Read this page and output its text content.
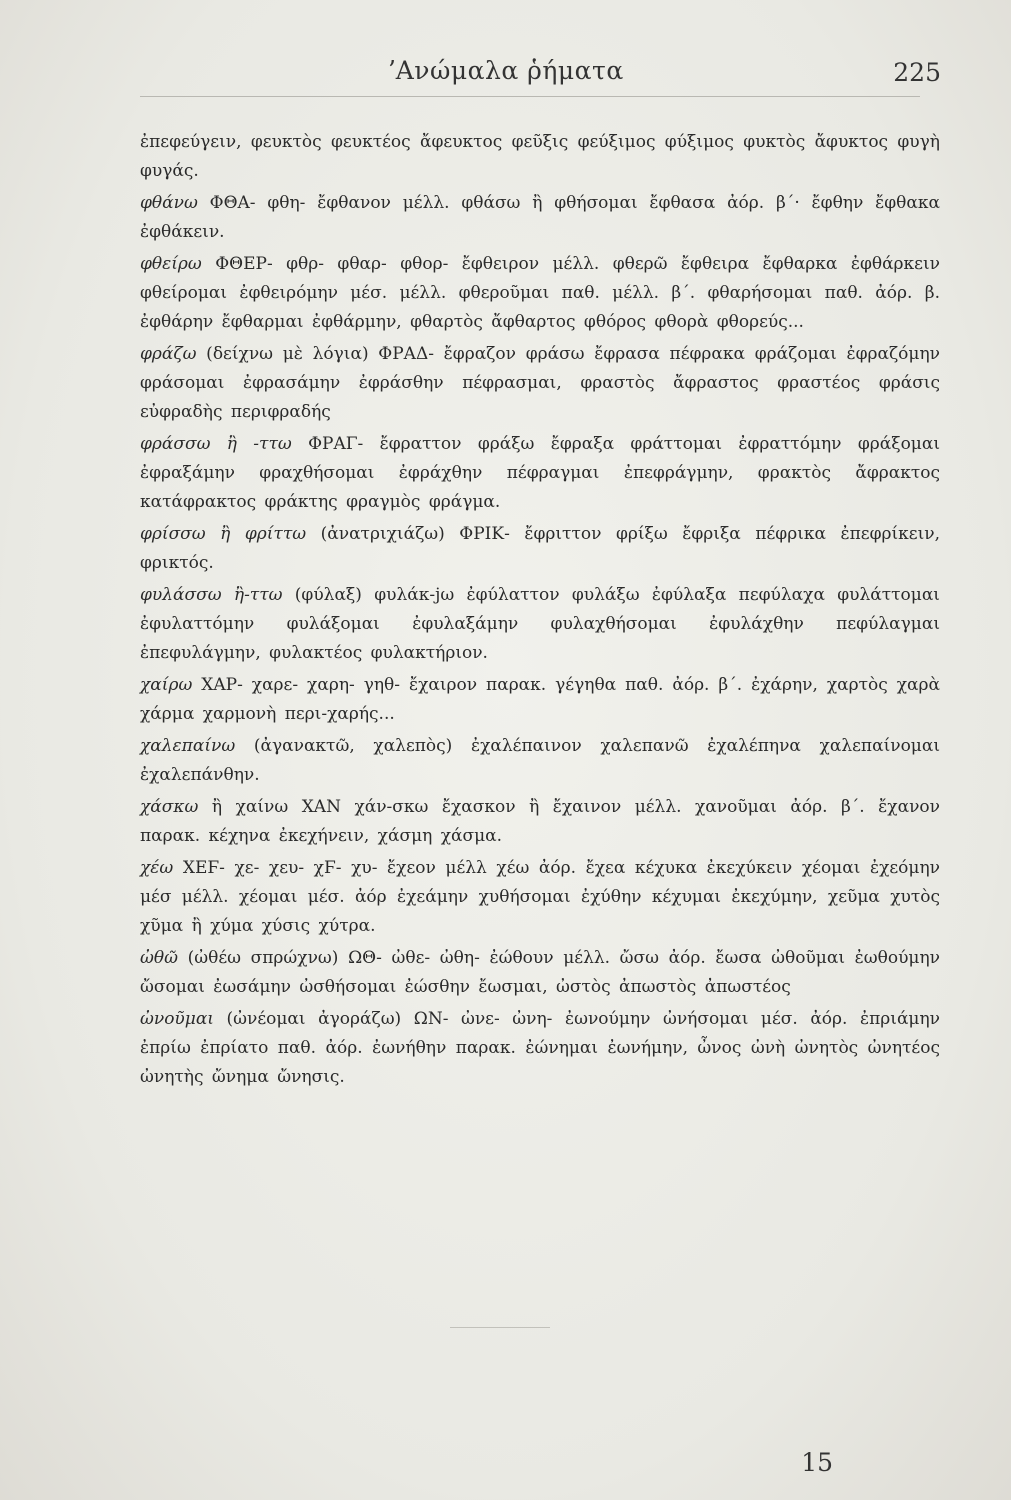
ʼΑνώμαλα ῥήματα	225

ἐπεφεύγειν, φευκτὸς φευκτέος ἄφευκτος φεῦξις φεύξιμος φύξιμος φυκτὸς ἄφυκτος φυγὴ φυγάς.

φθάνω ΦΘΑ- φθη- ἔφθανον μέλλ. φθάσω ἢ φθήσομαι ἔφθασα ἀόρ. β΄· ἔφθην ἔφθακα ἐφθάκειν.

φθείρω ΦΘΕΡ- φθρ- φθαρ- φθορ- ἔφθειρον μέλλ. φθερῶ ἔφθειρα ἔφθαρκα ἐφθάρκειν φθείρομαι ἐφθειρόμην μέσ. μέλλ. φθεροῦμαι παθ. μέλλ. β΄. φθαρήσομαι παθ. ἀόρ. β. ἐφθάρην ἔφθαρμαι ἐφθάρμην, φθαρτὸς ἄφθαρτος φθόρος φθορὰ φθορεύς...

φράζω (δείχνω μὲ λόγια) ΦΡΑΔ- ἔφραζον φράσω ἔφρασα πέφρακα φράζομαι ἐφραζόμην φράσομαι ἐφρασάμην ἐφράσθην πέφρασμαι, φραστὸς ἄφραστος φραστέος φράσις εὐφραδὴς περιφραδής

φράσσω ἢ -ττω ΦΡΑΓ- ἔφραττον φράξω ἔφραξα φράττομαι ἐφραττόμην φράξομαι ἐφραξάμην φραχθήσομαι ἐφράχθην πέφραγμαι ἐπεφράγμην, φρακτὸς ἄφρακτος κατάφρακτος φράκτης φραγμὸς φράγμα.

φρίσσω ἢ φρίττω (ἀνατριχιάζω) ΦΡΙΚ- ἔφριττον φρίξω ἔφριξα πέφρικα ἐπεφρίκειν, φρικτός.

φυλάσσω ἢ-ττω (φύλαξ) φυλάκ-jω ἐφύλαττον φυλάξω ἐφύλαξα πεφύλαχα φυλάττομαι ἐφυλαττόμην φυλάξομαι ἐφυλαξάμην φυλαχθήσομαι ἐφυλάχθην πεφύλαγμαι ἐπεφυλάγμην, φυλακτέος φυλακτήριον.

χαίρω ΧΑΡ- χαρε- χαρη- γηθ- ἔχαιρον παρακ. γέγηθα παθ. ἀόρ. β΄. ἐχάρην, χαρτὸς χαρὰ χάρμα χαρμονὴ περι-χαρής...

χαλεπαίνω (ἀγανακτῶ, χαλεπὸς) ἐχαλέπαινον χαλεπανῶ ἐχαλέπηνα χαλεπαίνομαι ἐχαλεπάνθην.

χάσκω ἢ χαίνω ΧΑΝ χάν-σκω ἔχασκον ἢ ἔχαινον μέλλ. χανοῦμαι ἀόρ. β΄. ἔχανον παρακ. κέχηνα ἐκεχήνειν, χάσμη χάσμα.

χέω ΧΕϜ- χε- χευ- χϜ- χυ- ἔχεον μέλλ χέω ἀόρ. ἔχεα κέχυκα ἐκεχύκειν χέομαι ἐχεόμην μέσ μέλλ. χέομαι μέσ. ἀόρ ἐχεάμην χυθήσομαι ἐχύθην κέχυμαι ἐκεχύμην, χεῦμα χυτὸς χῦμα ἢ χύμα χύσις χύτρα.

ὠθῶ (ὠθέω σπρώχνω) ΩΘ- ὠθε- ὠθη- ἐώθουν μέλλ. ὤσω ἀόρ. ἔωσα ὠθοῦμαι ἐωθούμην ὤσομαι ἐωσάμην ὠσθήσομαι ἐώσθην ἔωσμαι, ὠστὸς ἀπωστὸς ἀπωστέος

ὠνοῦμαι (ὠνέομαι ἀγοράζω) ΩΝ- ὠνε- ὠνη- ἐωνούμην ὠνήσομαι μέσ. ἀόρ. ἐπριάμην ἐπρίω ἐπρίατο παθ. ἀόρ. ἐωνήθην παρακ. ἐώνημαι ἐωνήμην, ὦνος ὠνὴ ὠνητὸς ὠνητέος ὠνητὴς ὤνημα ὤνησις.

15
